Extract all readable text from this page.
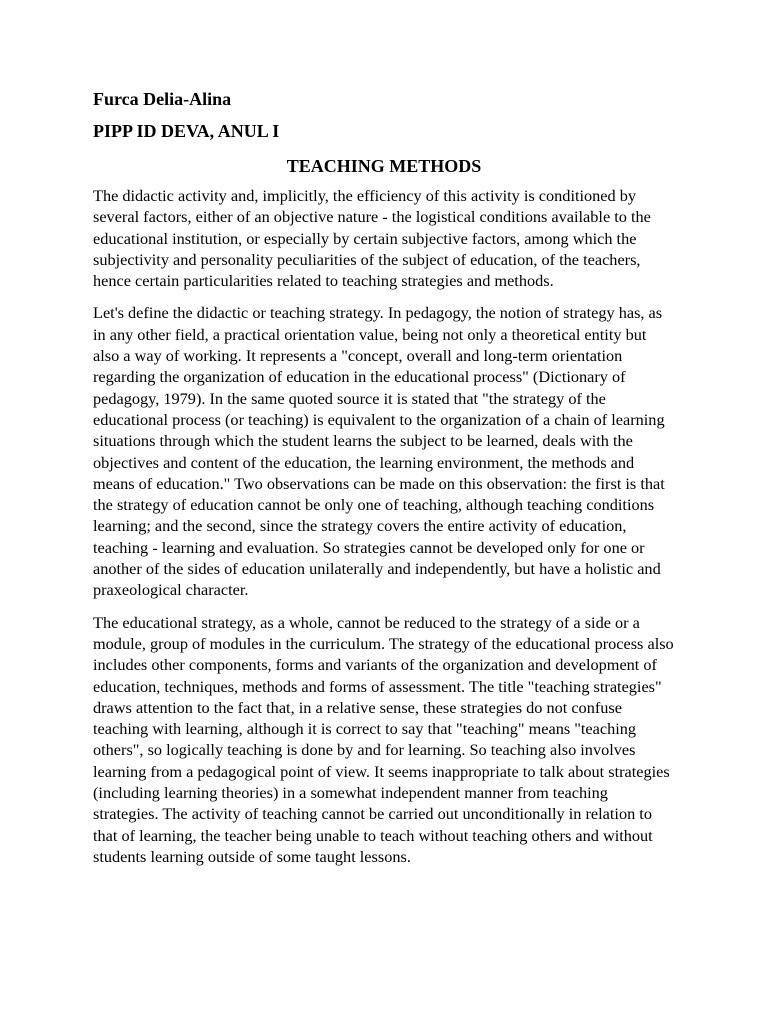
Furca Delia-Alina
PIPP ID DEVA, ANUL I
TEACHING METHODS

The didactic activity and, implicitly, the efficiency of this activity is conditioned by several factors, either of an objective nature - the logistical conditions available to the educational institution, or especially by certain subjective factors, among which the subjectivity and personality peculiarities of the subject of education, of the teachers, hence certain particularities related to teaching strategies and methods.

Let's define the didactic or teaching strategy. In pedagogy, the notion of strategy has, as in any other field, a practical orientation value, being not only a theoretical entity but also a way of working. It represents a "concept, overall and long-term orientation regarding the organization of education in the educational process" (Dictionary of pedagogy, 1979). In the same quoted source it is stated that "the strategy of the educational process (or teaching) is equivalent to the organization of a chain of learning situations through which the student learns the subject to be learned, deals with the objectives and content of the education, the learning environment, the methods and means of education." Two observations can be made on this observation: the first is that the strategy of education cannot be only one of teaching, although teaching conditions learning; and the second, since the strategy covers the entire activity of education, teaching - learning and evaluation. So strategies cannot be developed only for one or another of the sides of education unilaterally and independently, but have a holistic and praxeological character.

The educational strategy, as a whole, cannot be reduced to the strategy of a side or a module, group of modules in the curriculum. The strategy of the educational process also includes other components, forms and variants of the organization and development of education, techniques, methods and forms of assessment. The title "teaching strategies" draws attention to the fact that, in a relative sense, these strategies do not confuse teaching with learning, although it is correct to say that "teaching" means "teaching others", so logically teaching is done by and for learning. So teaching also involves learning from a pedagogical point of view. It seems inappropriate to talk about strategies (including learning theories) in a somewhat independent manner from teaching strategies. The activity of teaching cannot be carried out unconditionally in relation to that of learning, the teacher being unable to teach without teaching others and without students learning outside of some taught lessons.
